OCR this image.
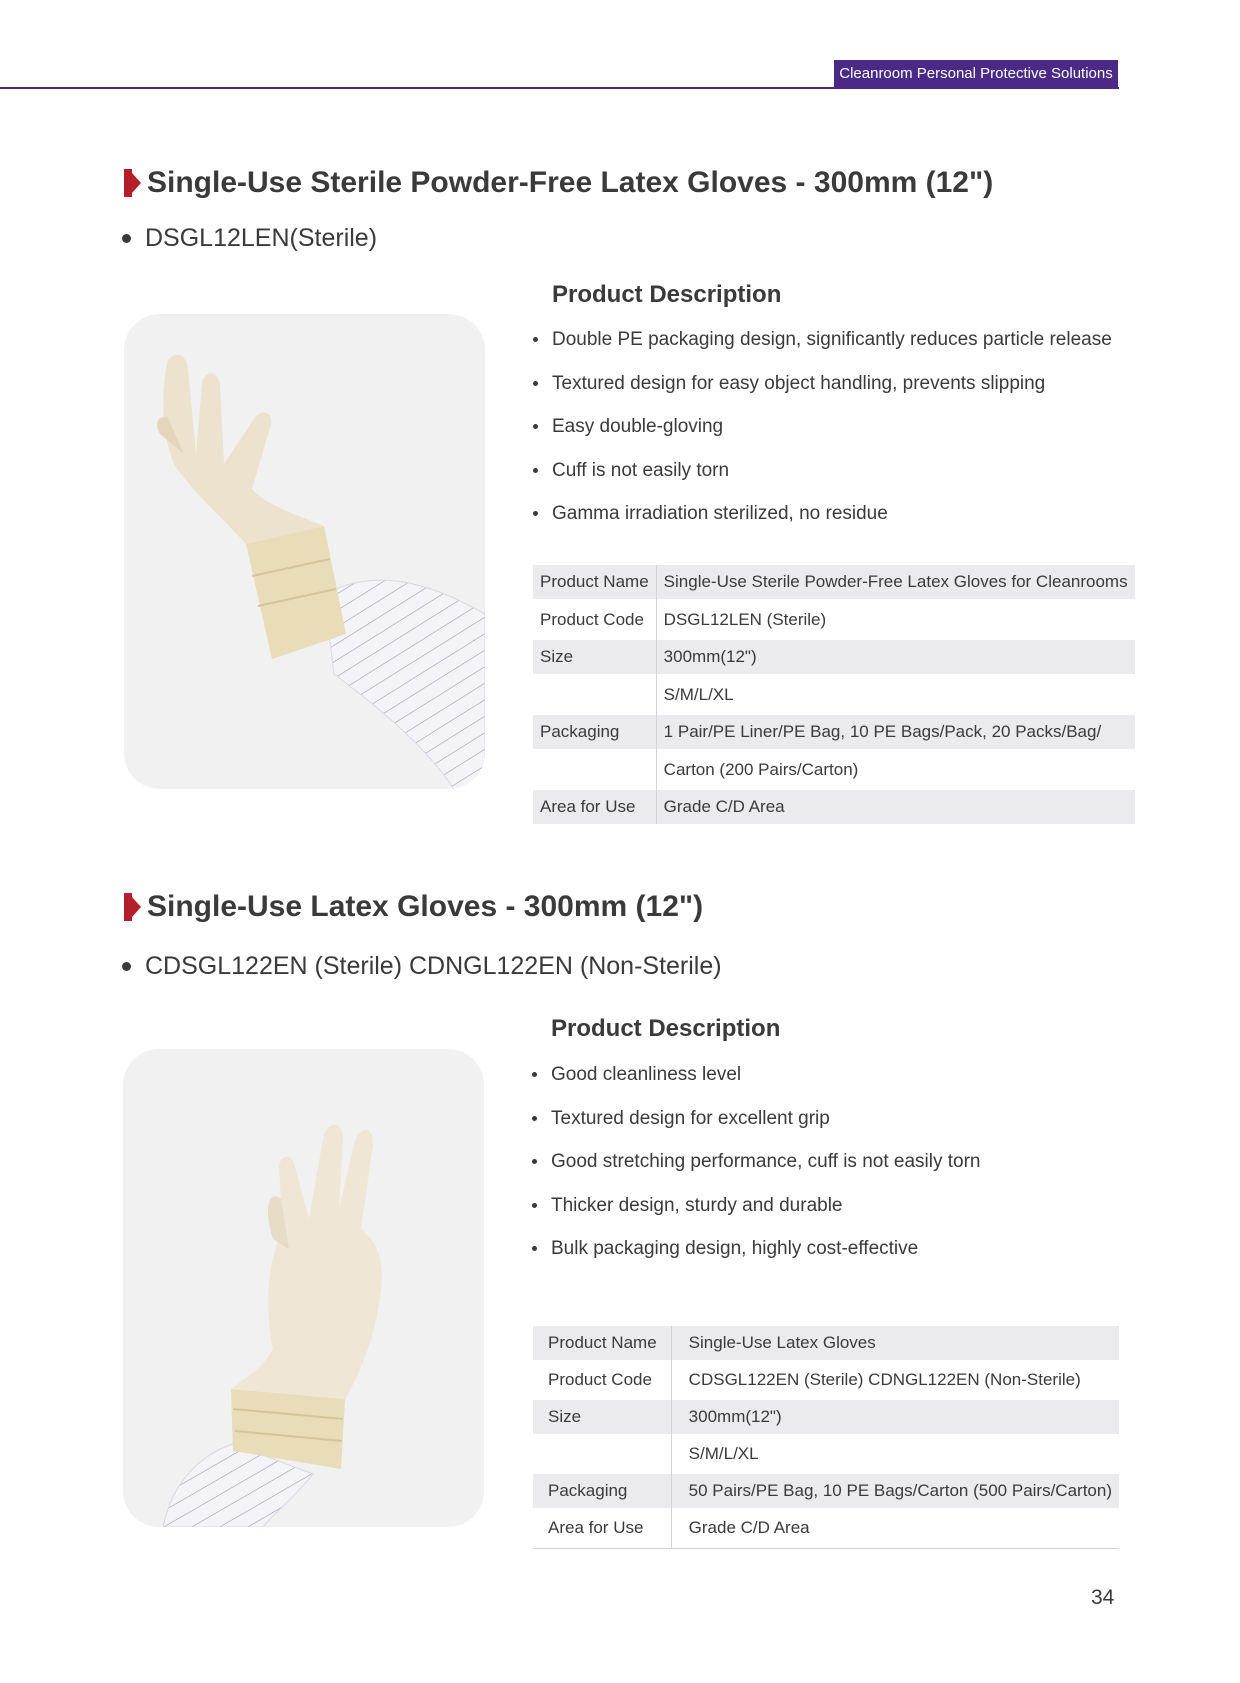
Cleanroom Personal Protective Solutions
Single-Use Sterile Powder-Free Latex Gloves - 300mm (12")
DSGL12LEN(Sterile)
Product Description
Double PE packaging design, significantly reduces particle release
Textured design for easy object handling, prevents slipping
Easy double-gloving
Cuff is not easily torn
Gamma irradiation sterilized, no residue
Product Name	Single-Use Sterile Powder-Free Latex Gloves for Cleanrooms
Product Code	DSGL12LEN (Sterile)
Size	300mm(12")
	S/M/L/XL
Packaging	1 Pair/PE Liner/PE Bag, 10 PE Bags/Pack, 20 Packs/Bag/
	Carton (200 Pairs/Carton)
Area for Use	Grade C/D Area
Single-Use Latex Gloves - 300mm (12")
CDSGL122EN (Sterile) CDNGL122EN (Non-Sterile)
Product Description
Good cleanliness level
Textured design for excellent grip
Good stretching performance, cuff is not easily torn
Thicker design, sturdy and durable
Bulk packaging design, highly cost-effective
Product Name	Single-Use Latex Gloves
Product Code	CDSGL122EN (Sterile) CDNGL122EN (Non-Sterile)
Size	300mm(12")
	S/M/L/XL
Packaging	50 Pairs/PE Bag, 10 PE Bags/Carton (500 Pairs/Carton)
Area for Use	Grade C/D Area
34
